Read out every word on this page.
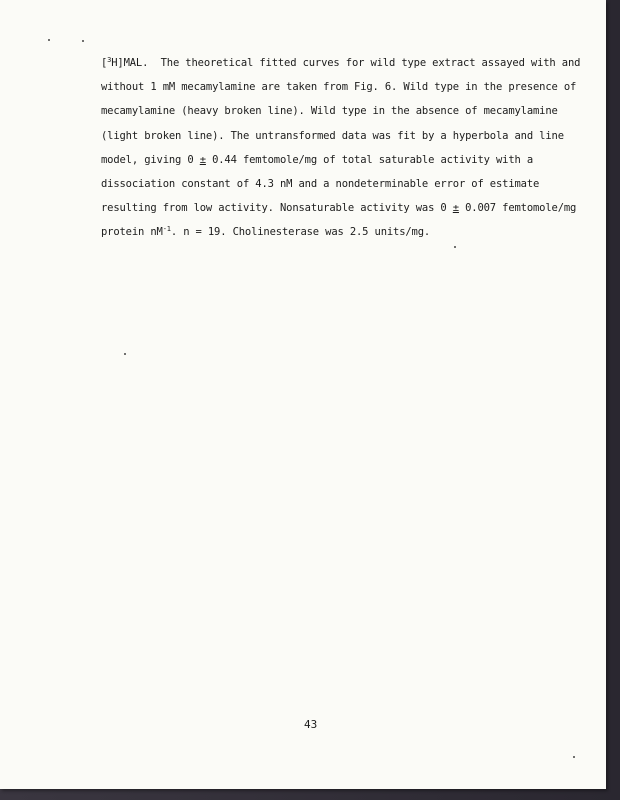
[$^3$H]MAL. The theoretical fitted curves for wild type extract assayed with and
without 1 mM mecamylamine are taken from Fig. 6. Wild type in the presence of
mecamylamine (heavy broken line). Wild type in the absence of mecamylamine
(light broken line). The untransformed data was fit by a hyperbola and line
model, giving 0 ± 0.44 femtomole/mg of total saturable activity with a
dissociation constant of 4.3 nM and a nondeterminable error of estimate
resulting from low activity. Nonsaturable activity was 0 ± 0.007 femtomole/mg
protein $nM^{-1}$. n = 19. Cholinesterase was 2.5 units/mg.

43
